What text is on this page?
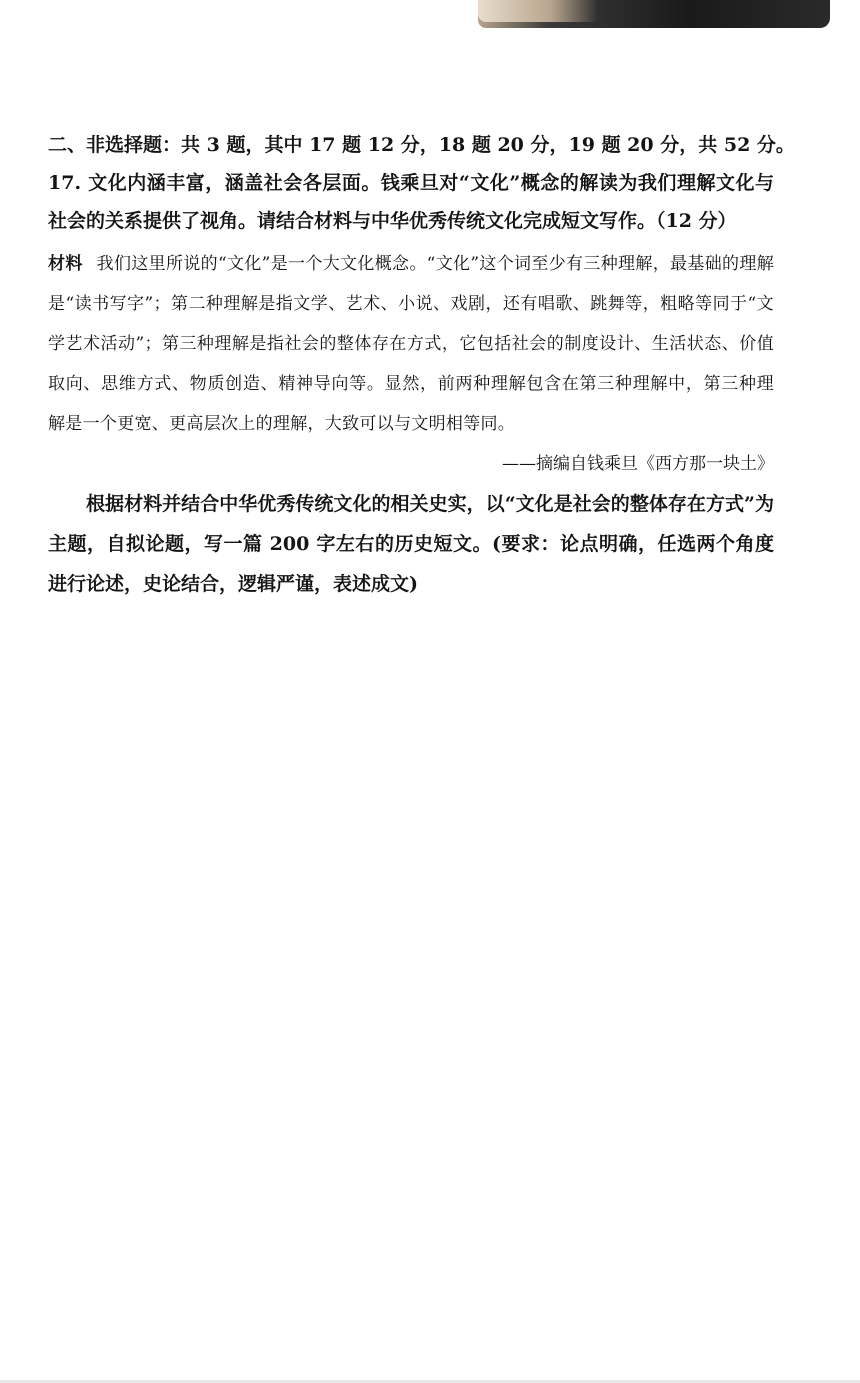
二、非选择题：共 3 题，其中 17 题 12 分，18 题 20 分，19 题 20 分，共 52 分。
17. 文化内涵丰富，涵盖社会各层面。钱乘旦对“文化”概念的解读为我们理解文化与社会的关系提供了视角。请结合材料与中华优秀传统文化完成短文写作。（12 分）
材料 我们这里所说的“文化”是一个大文化概念。“文化”这个词至少有三种理解，最基础的理解是“读书写字”；第二种理解是指文学、艺术、小说、戏剧，还有唱歌、跳舞等，粗略等同于“文学艺术活动”；第三种理解是指社会的整体存在方式，它包括社会的制度设计、生活状态、价值取向、思维方式、物质创造、精神导向等。显然，前两种理解包含在第三种理解中，第三种理解是一个更宽、更高层次上的理解，大致可以与文明相等同。
——摘编自钱乘旦《西方那一块土》
根据材料并结合中华优秀传统文化的相关史实，以“文化是社会的整体存在方式”为主题，自拟论题，写一篇 200 字左右的历史短文。(要求：论点明确，任选两个角度进行论述，史论结合，逻辑严谨，表述成文)
